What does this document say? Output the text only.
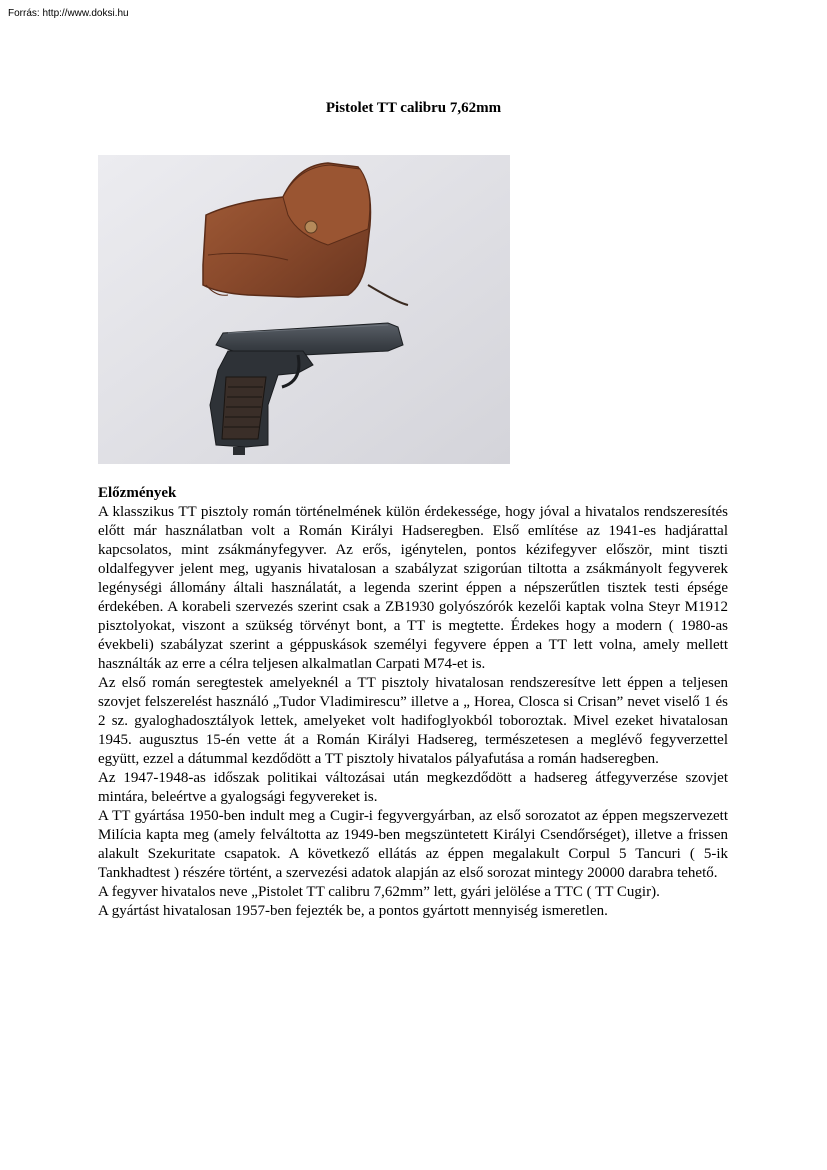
Forrás: http://www.doksi.hu
Pistolet TT calibru 7,62mm
Előzmények

A klasszikus TT pisztoly román történelmének külön érdekessége, hogy jóval a hivatalos rendszeresítés előtt már használatban volt a Román Királyi Hadseregben. Első említése az 1941-es hadjárattal kapcsolatos, mint zsákmányfegyver. Az erős, igénytelen, pontos kézifegyver először, mint tiszti oldalfegyver jelent meg, ugyanis hivatalosan a szabályzat szigorúan tiltotta a zsákmányolt fegyverek legénységi állomány általi használatát, a legenda szerint éppen a népszerűtlen tisztek testi épsége érdekében. A korabeli szervezés szerint csak a ZB1930 golyószórók kezelői kaptak volna Steyr M1912 pisztolyokat, viszont a szükség törvényt bont, a TT is megtette. Érdekes hogy a modern ( 1980-as évekbeli) szabályzat szerint a géppuskások személyi fegyvere éppen a TT lett volna, amely mellett használták az erre a célra teljesen alkalmatlan Carpati M74-et is.

Az első román seregtestek amelyeknél a TT pisztoly hivatalosan rendszeresítve lett éppen a teljesen szovjet felszerelést használó „Tudor Vladimirescu” illetve a „ Horea, Closca si Crisan” nevet viselő 1 és 2 sz. gyaloghadosztályok lettek, amelyeket volt hadifoglyokból toboroztak. Mivel ezeket hivatalosan 1945. augusztus 15-én vette át a Román Királyi Hadsereg, természetesen a meglévő fegyverzettel együtt, ezzel a dátummal kezdődött a TT pisztoly hivatalos pályafutása a román hadseregben.

Az 1947-1948-as időszak politikai változásai után megkezdődött a hadsereg átfegyverzése szovjet mintára, beleértve a gyalogsági fegyvereket is.

A TT gyártása 1950-ben indult meg a Cugir-i fegyvergyárban, az első sorozatot az éppen megszervezett Milícia kapta meg (amely felváltotta az 1949-ben megszüntetett Királyi Csendőrséget), illetve a frissen alakult Szekuritate csapatok. A következő ellátás az éppen megalakult Corpul 5 Tancuri ( 5-ik Tankhadtest ) részére történt, a szervezési adatok alapján az első sorozat mintegy 20000 darabra tehető.

A fegyver hivatalos neve „Pistolet TT calibru 7,62mm” lett, gyári jelölése a TTC ( TT Cugir).

A gyártást hivatalosan 1957-ben fejezték be, a pontos gyártott mennyiség ismeretlen.
